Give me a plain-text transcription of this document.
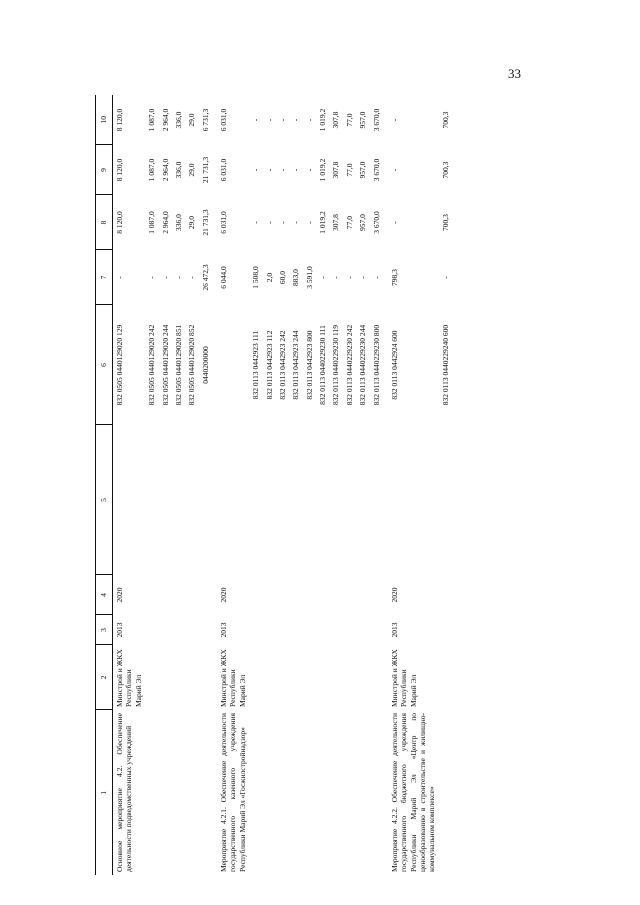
33
1	2	3	4	5	6	7	8	9	10
Основное мероприятие 4.2. Обеспечение деятельности подведомственных учреждений	Минстрой и ЖКХ Республики Марий Эл	2013	2020		832 0505 0440129020 129	-	8 120,0	8 120,0	8 120,0
					832 0505 0440129020 242	-	1 087,0	1 087,0	1 087,0
					832 0505 0440129020 244	-	2 964,0	2 964,0	2 964,0
					832 0505 0440129020 851	-	336,0	336,0	336,0
					832 0505 0440129020 852	-	29,0	29,0	29,0
					0440200000	26 472,3	21 731,3	21 731,3	6 731,3
Мероприятие 4.2.1. Обеспечение деятельности государственного казенного учреждения Республики Марий Эл «Госжилстройнадзор»	Минстрой и ЖКХ Республики Марий Эл	2013	2020			6 044,0	6 031,0	6 031,0	6 031,0
					832 0113 0442923 111	1 508,0	-	-	-
					832 0113 0442923 112	2,0	-	-	-
					832 0113 0442923 242	60,0	-	-	-
					832 0113 0442923 244	883,0	-	-	-
					832 0113 0442923 800	3 591,0	-	-	-
					832 0113 0440229230 111	-	1 019,2	1 019,2	1 019,2
					832 0113 0440229230 119	-	307,8	307,8	307,8
					832 0113 0440229230 242	-	77,0	77,0	77,0
					832 0113 0440229230 244	-	957,0	957,0	957,0
					832 0113 0440229230 800	-	3 670,0	3 670,0	3 670,0
Мероприятие 4.2.2. Обеспечение деятельности государственного бюджетного учреждения Республики Марий Эл «Центр по ценообразованию в строительстве и жилищно-коммунальном комплексе»	Минстрой и ЖКХ Республики Марий Эл	2013	2020		832 0113 0442924 600	798,3	-	-	-
					832 0113 0440229240 600	-	700,3	700,3	700,3
